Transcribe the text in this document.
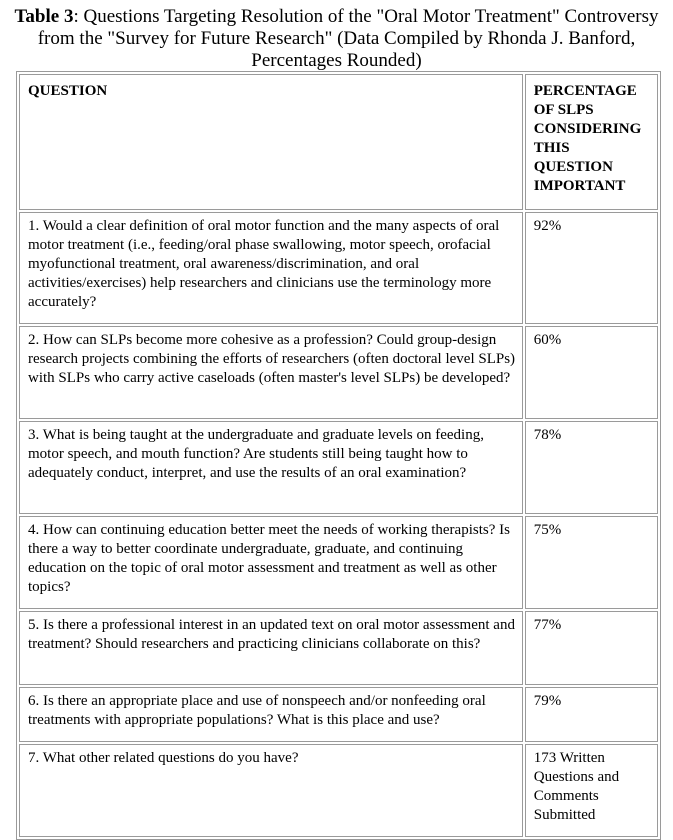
Table 3: Questions Targeting Resolution of the "Oral Motor Treatment" Controversy from the "Survey for Future Research" (Data Compiled by Rhonda J. Banford, Percentages Rounded)
QUESTION	PERCENTAGE OF SLPS CONSIDERING THIS QUESTION IMPORTANT
1. Would a clear definition of oral motor function and the many aspects of oral motor treatment (i.e., feeding/oral phase swallowing, motor speech, orofacial myofunctional treatment, oral awareness/discrimination, and oral activities/exercises) help researchers and clinicians use the terminology more accurately?	92%
2. How can SLPs become more cohesive as a profession? Could group-design research projects combining the efforts of researchers (often doctoral level SLPs) with SLPs who carry active caseloads (often master's level SLPs) be developed?	60%
3. What is being taught at the undergraduate and graduate levels on feeding, motor speech, and mouth function? Are students still being taught how to adequately conduct, interpret, and use the results of an oral examination?	78%
4. How can continuing education better meet the needs of working therapists? Is there a way to better coordinate undergraduate, graduate, and continuing education on the topic of oral motor assessment and treatment as well as other topics?	75%
5. Is there a professional interest in an updated text on oral motor assessment and treatment? Should researchers and practicing clinicians collaborate on this?	77%
6. Is there an appropriate place and use of nonspeech and/or nonfeeding oral treatments with appropriate populations? What is this place and use?	79%
7. What other related questions do you have?	173 Written Questions and Comments Submitted
